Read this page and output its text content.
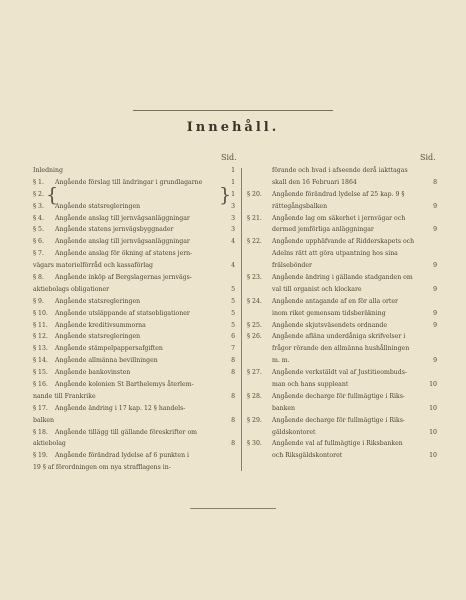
Innehåll.
Sid.	Sid.
Inledning	1
§ 1. Angående förslag till ändringar i grundlagarne	1
§ 2.	1
§ 3. Angående statsregleringen	3
§ 4. Angående anslag till jernvägsanläggningar	3
§ 5. Angående statens jernvägsbyggnader	3
§ 6. Angående anslag till jernvägsanläggningar	4
§ 7. Angående anslag för ökning af statens jern-
vägars materielförråd och kassaförlag	4
§ 8. Angående inköp af Bergslagernas jernvägs-
aktiebolags obligationer	5
§ 9. Angående statsregleringen	5
§ 10. Angående utsläppande af statsobligationer	5
§ 11. Angående kreditivsummorna	5
§ 12. Angående statsregleringen	6
§ 13. Angående stämpelpappersafgiften	7
§ 14. Angående allmänna bevillningen	8
§ 15. Angående bankovinsten	8
§ 16. Angående kolonien St Barthelemys återlem-
nande till Frankrike	8
§ 17. Angående ändring i 17 kap. 12 § handels-
balken	8
§ 18. Angående tillägg till gällande föreskrifter om
aktiebolag	8
§ 19. Angående förändrad lydelse af 6 punkten i
19 § af förordningen om nya strafflagens in-
förande och hvad i afseende derå iakttagas
skall den 16 Februari 1864	8
§ 20. Angående förändrad lydelse af 25 kap. 9 §
rättegångsbalken	9
§ 21. Angående lag om säkerhet i jernvägar och
dermed jemförliga anläggningar	9
§ 22. Angående upphäfvande af Ridderskapets och
Adelns rätt att göra utpantning hos sina
frälsebönder	9
§ 23. Angående ändring i gällande stadganden om
val till organist och klockare	9
§ 24. Angående antagande af en för alla orter
inom riket gemensam tidsberäkning	9
§ 25. Angående skjutsväsendets ordnande	9
§ 26. Angående afläna underdåniga skrifvelser i
frågor rörande den allmänna hushållningen
m. m.	9
§ 27. Angående verkstäldt val af Justitieombuds-
man och hans suppleant	10
§ 28. Angående decharge för fullmägtige i Riks-
banken	10
§ 29. Angående decharge för fullmägtige i Riks-
gäldskontoret	10
§ 30. Angående val af fullmägtige i Riksbanken
och Riksgäldskontoret	10
{	}
